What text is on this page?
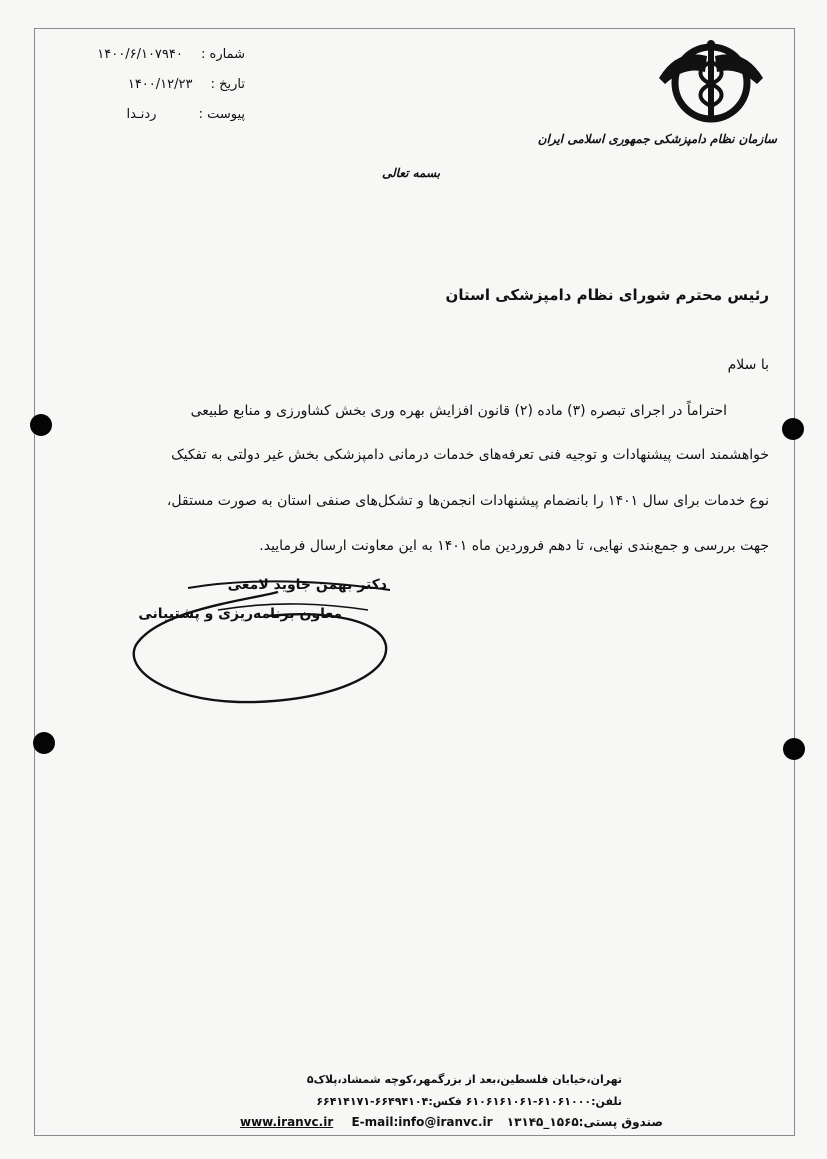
شماره : ۱۴۰۰/۶/۱۰۷۹۴۰
تاریخ : ۱۴۰۰/۱۲/۲۳
پیوست : ردنـدا
سازمان نظام دامپزشکی جمهوری اسلامی ایران
بسمه تعالی
رئیس محترم شورای نظام دامپزشکی استان
با سلام
احتراماً در اجرای تبصره (۳) ماده (۲) قانون افزایش بهره وری بخش کشاورزی و منابع طبیعی
خواهشمند است پیشنهادات و توجیه فنی تعرفه‌های خدمات درمانی دامپزشکی بخش غیر دولتی به تفکیک
نوع خدمات برای سال ۱۴۰۱ را بانضمام پیشنهادات انجمن‌ها و تشکل‌های صنفی استان به صورت مستقل،
جهت بررسی و جمع‌بندی نهایی، تا دهم فروردین ماه ۱۴۰۱ به این معاونت ارسال فرمایید.
دکتر بهمن جاوید لامعی
معاون برنامه‌ریزی و پشتیبانی
تهران،خیابان فلسطین،بعد از بزرگمهر،کوچه شمشاد،پلاک۵
تلفن:۶۱۰۶۱۰۰۰-۶۱۰۶۱۶۱۰۶۱ فکس:۶۶۴۹۴۱۰۴-۶۶۴۱۴۱۷۱
www.iranvc.ir E-mail:info@iranvc.ir صندوق پستی:۱۵۶۵_۱۳۱۴۵
